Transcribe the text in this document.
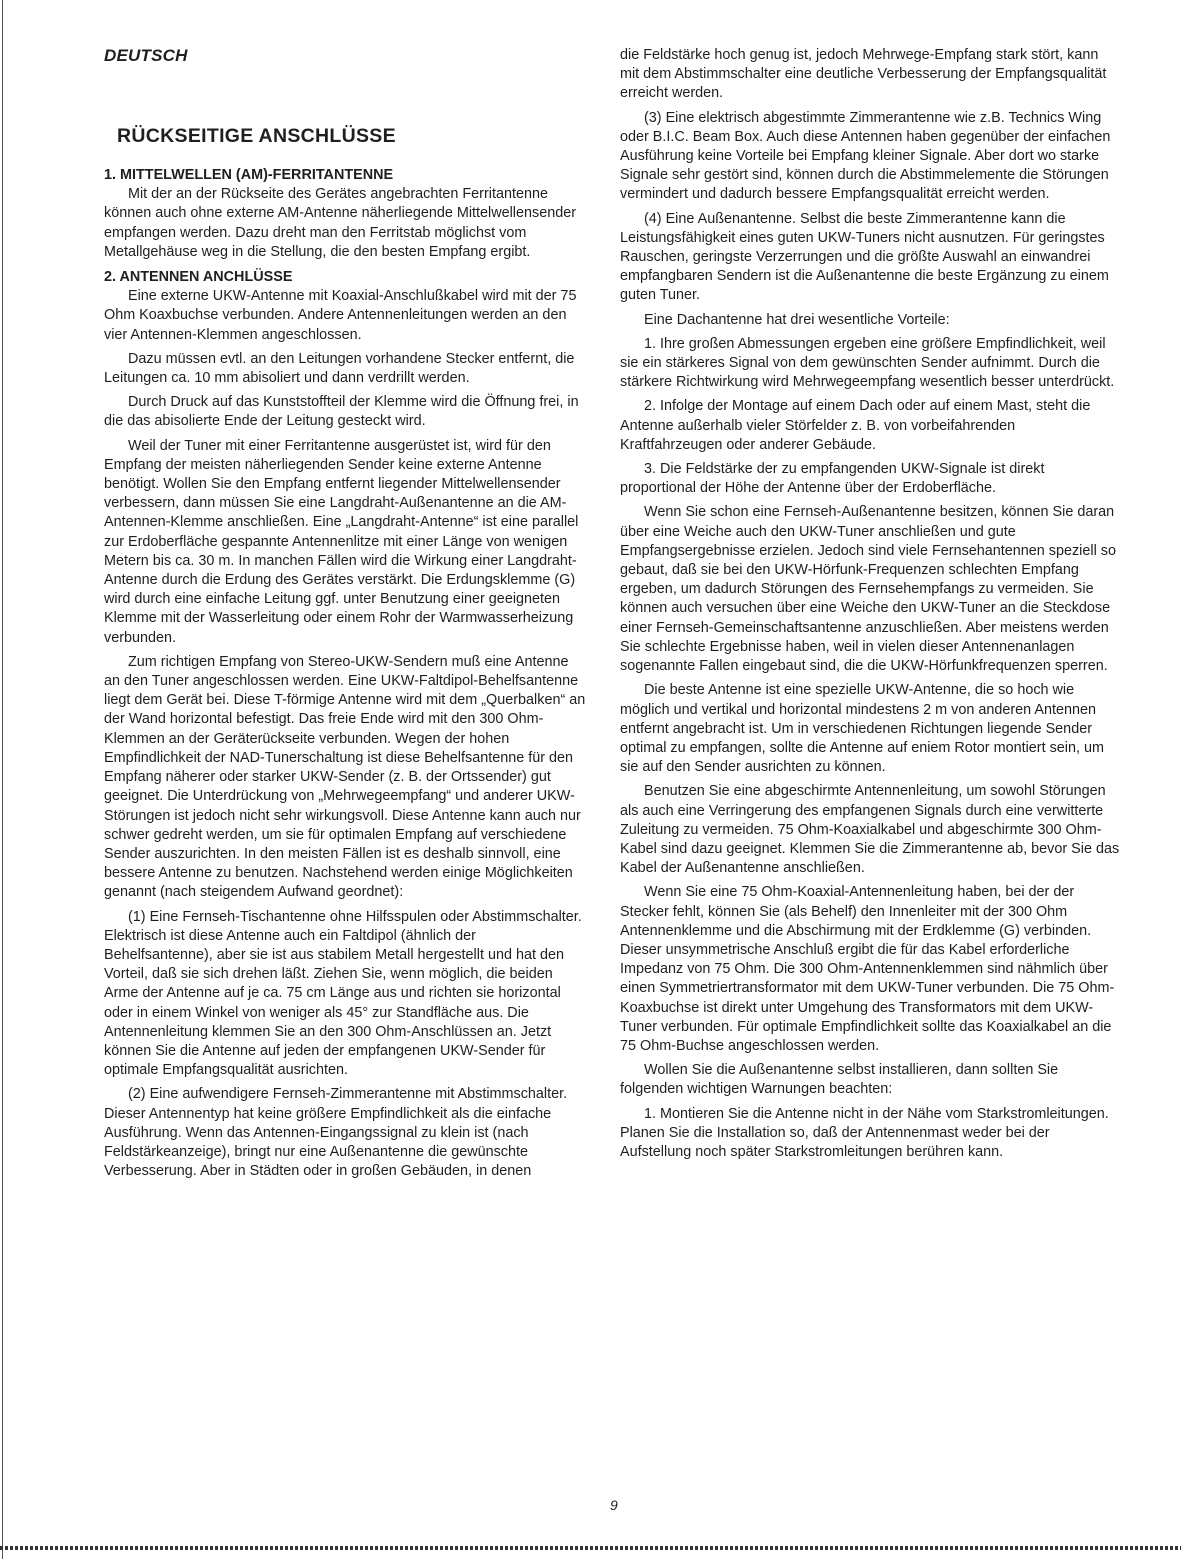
DEUTSCH
RÜCKSEITIGE ANSCHLÜSSE
1. MITTELWELLEN (AM)-FERRITANTENNE

Mit der an der Rückseite des Gerätes angebrachten Ferritantenne können auch ohne externe AM-Antenne näherliegende Mittelwellensender empfangen werden. Dazu dreht man den Ferritstab möglichst vom Metallgehäuse weg in die Stellung, die den besten Empfang ergibt.

2. ANTENNEN ANCHLÜSSE

Eine externe UKW-Antenne mit Koaxial-Anschlußkabel wird mit der 75 Ohm Koaxbuchse verbunden. Andere Antennenleitungen werden an den vier Antennen-Klemmen angeschlossen.

Dazu müssen evtl. an den Leitungen vorhandene Stecker entfernt, die Leitungen ca. 10 mm abisoliert und dann verdrillt werden.

Durch Druck auf das Kunststoffteil der Klemme wird die Öffnung frei, in die das abisolierte Ende der Leitung gesteckt wird.

Weil der Tuner mit einer Ferritantenne ausgerüstet ist, wird für den Empfang der meisten näherliegenden Sender keine externe Antenne benötigt. Wollen Sie den Empfang entfernt liegender Mittelwellensender verbessern, dann müssen Sie eine Langdraht-Außenantenne an die AM-Antennen-Klemme anschließen. Eine „Langdraht-Antenne“ ist eine parallel zur Erdoberfläche gespannte Antennenlitze mit einer Länge von wenigen Metern bis ca. 30 m. In manchen Fällen wird die Wirkung einer Langdraht-Antenne durch die Erdung des Gerätes verstärkt. Die Erdungsklemme (G) wird durch eine einfache Leitung ggf. unter Benutzung einer geeigneten Klemme mit der Wasserleitung oder einem Rohr der Warmwasserheizung verbunden.

Zum richtigen Empfang von Stereo-UKW-Sendern muß eine Antenne an den Tuner angeschlossen werden. Eine UKW-Faltdipol-Behelfsantenne liegt dem Gerät bei. Diese T-förmige Antenne wird mit dem „Querbalken“ an der Wand horizontal befestigt. Das freie Ende wird mit den 300 Ohm-Klemmen an der Geräterückseite verbunden. Wegen der hohen Empfindlichkeit der NAD-Tunerschaltung ist diese Behelfsantenne für den Empfang näherer oder starker UKW-Sender (z. B. der Ortssender) gut geeignet. Die Unterdrückung von „Mehrwegeempfang“ und anderer UKW-Störungen ist jedoch nicht sehr wirkungsvoll. Diese Antenne kann auch nur schwer gedreht werden, um sie für optimalen Empfang auf verschiedene Sender auszurichten. In den meisten Fällen ist es deshalb sinnvoll, eine bessere Antenne zu benutzen. Nachstehend werden einige Möglichkeiten genannt (nach steigendem Aufwand geordnet):

(1) Eine Fernseh-Tischantenne ohne Hilfsspulen oder Abstimmschalter. Elektrisch ist diese Antenne auch ein Faltdipol (ähnlich der Behelfsantenne), aber sie ist aus stabilem Metall hergestellt und hat den Vorteil, daß sie sich drehen läßt. Ziehen Sie, wenn möglich, die beiden Arme der Antenne auf je ca. 75 cm Länge aus und richten sie horizontal oder in einem Winkel von weniger als 45° zur Standfläche aus. Die Antennenleitung klemmen Sie an den 300 Ohm-Anschlüssen an. Jetzt können Sie die Antenne auf jeden der empfangenen UKW-Sender für optimale Empfangsqualität ausrichten.

(2) Eine aufwendigere Fernseh-Zimmerantenne mit Abstimmschalter. Dieser Antennentyp hat keine größere Empfindlichkeit als die einfache Ausführung. Wenn das Antennen-Eingangssignal zu klein ist (nach Feldstärkeanzeige), bringt nur eine Außenantenne die gewünschte Verbesserung. Aber in Städten oder in großen Gebäuden, in denen

die Feldstärke hoch genug ist, jedoch Mehrwege-Empfang stark stört, kann mit dem Abstimmschalter eine deutliche Verbesserung der Empfangsqualität erreicht werden.

(3) Eine elektrisch abgestimmte Zimmerantenne wie z.B. Technics Wing oder B.I.C. Beam Box. Auch diese Antennen haben gegenüber der einfachen Ausführung keine Vorteile bei Empfang kleiner Signale. Aber dort wo starke Signale sehr gestört sind, können durch die Abstimmelemente die Störungen vermindert und dadurch bessere Empfangsqualität erreicht werden.

(4) Eine Außenantenne. Selbst die beste Zimmerantenne kann die Leistungsfähigkeit eines guten UKW-Tuners nicht ausnutzen. Für geringstes Rauschen, geringste Verzerrungen und die größte Auswahl an einwandrei empfangbaren Sendern ist die Außenantenne die beste Ergänzung zu einem guten Tuner.

Eine Dachantenne hat drei wesentliche Vorteile:

1. Ihre großen Abmessungen ergeben eine größere Empfindlichkeit, weil sie ein stärkeres Signal von dem gewünschten Sender aufnimmt. Durch die stärkere Richtwirkung wird Mehrwegeempfang wesentlich besser unterdrückt.

2. Infolge der Montage auf einem Dach oder auf einem Mast, steht die Antenne außerhalb vieler Störfelder z. B. von vorbeifahrenden Kraftfahrzeugen oder anderer Gebäude.

3. Die Feldstärke der zu empfangenden UKW-Signale ist direkt proportional der Höhe der Antenne über der Erdoberfläche.

Wenn Sie schon eine Fernseh-Außenantenne besitzen, können Sie daran über eine Weiche auch den UKW-Tuner anschließen und gute Empfangsergebnisse erzielen. Jedoch sind viele Fernsehantennen speziell so gebaut, daß sie bei den UKW-Hörfunk-Frequenzen schlechten Empfang ergeben, um dadurch Störungen des Fernsehempfangs zu vermeiden. Sie können auch versuchen über eine Weiche den UKW-Tuner an die Steckdose einer Fernseh-Gemeinschaftsantenne anzuschließen. Aber meistens werden Sie schlechte Ergebnisse haben, weil in vielen dieser Antennenanlagen sogenannte Fallen eingebaut sind, die die UKW-Hörfunkfrequenzen sperren.

Die beste Antenne ist eine spezielle UKW-Antenne, die so hoch wie möglich und vertikal und horizontal mindestens 2 m von anderen Antennen entfernt angebracht ist. Um in verschiedenen Richtungen liegende Sender optimal zu empfangen, sollte die Antenne auf eniem Rotor montiert sein, um sie auf den Sender ausrichten zu können.

Benutzen Sie eine abgeschirmte Antennenleitung, um sowohl Störungen als auch eine Verringerung des empfangenen Signals durch eine verwitterte Zuleitung zu vermeiden. 75 Ohm-Koaxialkabel und abgeschirmte 300 Ohm-Kabel sind dazu geeignet. Klemmen Sie die Zimmerantenne ab, bevor Sie das Kabel der Außenantenne anschließen.

Wenn Sie eine 75 Ohm-Koaxial-Antennenleitung haben, bei der der Stecker fehlt, können Sie (als Behelf) den Innenleiter mit der 300 Ohm Antennenklemme und die Abschirmung mit der Erdklemme (G) verbinden. Dieser unsymmetrische Anschluß ergibt die für das Kabel erforderliche Impedanz von 75 Ohm. Die 300 Ohm-Antennenklemmen sind nähmlich über einen Symmetriertransformator mit dem UKW-Tuner verbunden. Die 75 Ohm-Koaxbuchse ist direkt unter Umgehung des Transformators mit dem UKW-Tuner verbunden. Für optimale Empfindlichkeit sollte das Koaxialkabel an die 75 Ohm-Buchse angeschlossen werden.

Wollen Sie die Außenantenne selbst installieren, dann sollten Sie folgenden wichtigen Warnungen beachten:

1. Montieren Sie die Antenne nicht in der Nähe vom Starkstromleitungen. Planen Sie die Installation so, daß der Antennenmast weder bei der Aufstellung noch später Starkstromleitungen berühren kann.

9
